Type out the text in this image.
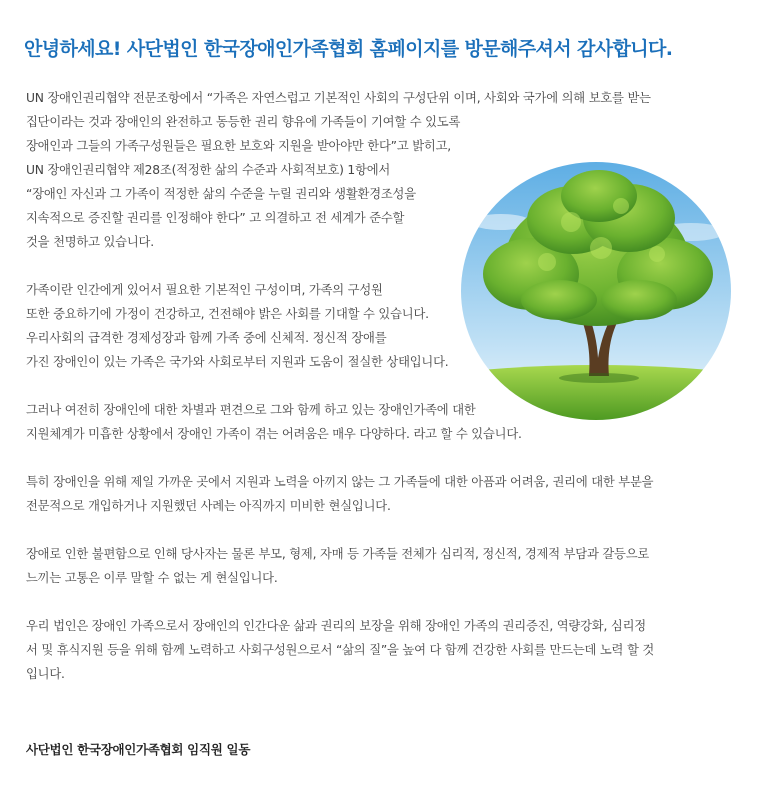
안녕하세요! 사단법인 한국장애인가족협회 홈페이지를 방문해주셔서 감사합니다.

UN 장애인권리협약 전문조항에서 “가족은 자연스럽고 기본적인 사회의 구성단위 이며, 사회와 국가에 의해 보호를 받는
집단이라는 것과 장애인의 완전하고 동등한 권리 향유에 가족들이 기여할 수 있도록
장애인과 그들의 가족구성원들은 필요한 보호와 지원을 받아야만 한다”고 밝히고,
UN 장애인권리협약 제28조(적정한 삶의 수준과 사회적보호) 1항에서
“장애인 자신과 그 가족이 적정한 삶의 수준을 누릴 권리와 생활환경조성을
지속적으로 증진할 권리를 인정해야 한다” 고 의결하고 전 세계가 준수할
것을 천명하고 있습니다.

가족이란 인간에게 있어서 필요한 기본적인 구성이며, 가족의 구성원
또한 중요하기에 가정이 건강하고, 건전해야 밝은 사회를 기대할 수 있습니다.
우리사회의 급격한 경제성장과 함께 가족 중에 신체적. 정신적 장애를
가진 장애인이 있는 가족은 국가와 사회로부터 지원과 도움이 절실한 상태입니다.

그러나 여전히 장애인에 대한 차별과 편견으로 그와 함께 하고 있는 장애인가족에 대한
지원체계가 미흡한 상황에서 장애인 가족이 겪는 어려움은 매우 다양하다. 라고 할 수 있습니다.

특히 장애인을 위해 제일 가까운 곳에서 지원과 노력을 아끼지 않는 그 가족들에 대한 아픔과 어려움, 권리에 대한 부분을
전문적으로 개입하거나 지원했던 사례는 아직까지 미비한 현실입니다.

장애로 인한 불편함으로 인해 당사자는 물론 부모, 형제, 자매 등 가족들 전체가 심리적, 정신적, 경제적 부담과 갈등으로
느끼는 고통은 이루 말할 수 없는 게 현실입니다.

우리 법인은 장애인 가족으로서 장애인의 인간다운 삶과 권리의 보장을 위해 장애인 가족의 권리증진, 역량강화, 심리정
서 및 휴식지원 등을 위해 함께 노력하고 사회구성원으로서 “삶의 질”을 높여 다 함께 건강한 사회를 만드는데 노력 할 것
입니다.

사단법인 한국장애인가족협회 임직원 일동
